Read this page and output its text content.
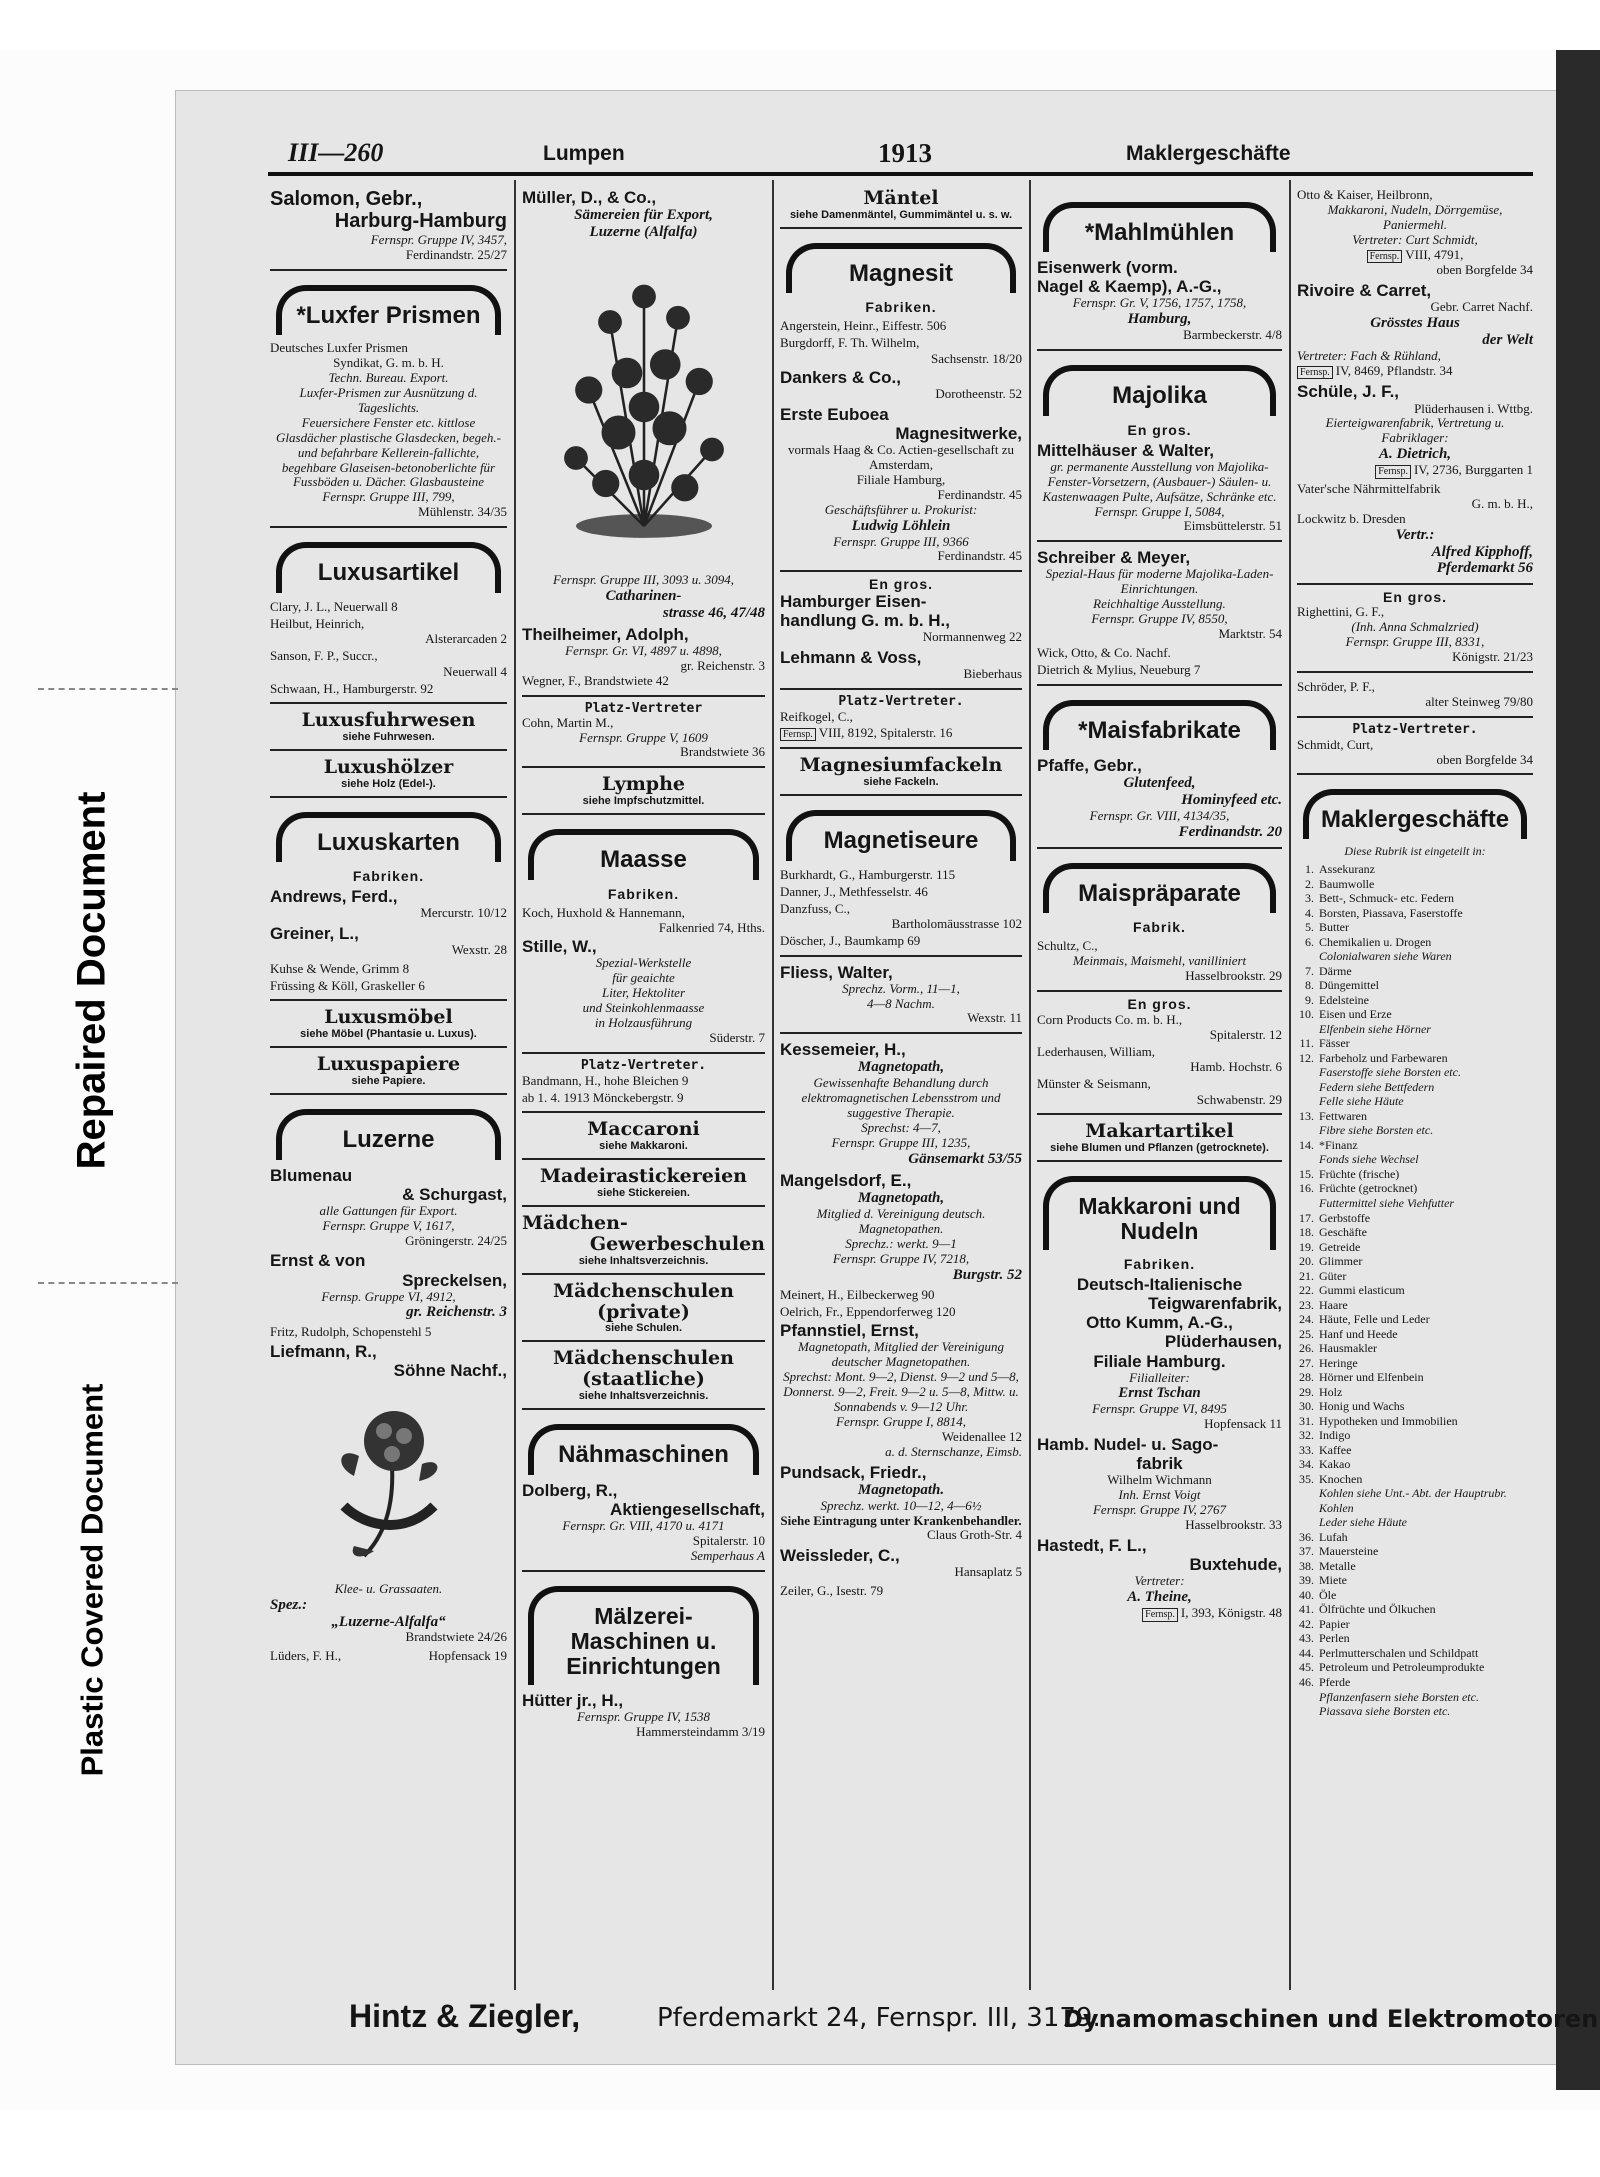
Repaired Document
Plastic Covered Document
III—260	Lumpen	1913	Maklergeschäfte
Salomon, Gebr.,
Harburg-Hamburg
Fernspr. Gruppe IV, 3457,
Ferdinandstr. 25/27
*Luxfer Prismen
Deutsches Luxfer Prismen
Syndikat, G. m. b. H.
Techn. Bureau. Export.
Luxfer-Prismen zur Ausnützung d. Tageslichts.
Feuersichere Fenster etc. kittlose Glasdächer plastische Glasdecken, begeh.- und befahrbare Kellerein-fallichte, begehbare Glaseisen-betonoberlichte für Fussböden u. Dächer. Glasbausteine
Fernspr. Gruppe III, 799,
Mühlenstr. 34/35
Luxusartikel
Clary, J. L., Neuerwall 8
Heilbut, Heinrich,
Alsterarcaden 2
Sanson, F. P., Succr.,
Neuerwall 4
Schwaan, H., Hamburgerstr. 92
Luxusfuhrwesen
siehe Fuhrwesen.
Luxushölzer
siehe Holz (Edel-).
Luxuskarten
Fabriken.
Andrews, Ferd.,
Mercurstr. 10/12
Greiner, L.,
Wexstr. 28
Kuhse & Wende, Grimm 8
Früssing & Köll, Graskeller 6
Luxusmöbel
siehe Möbel (Phantasie u. Luxus).
Luxuspapiere
siehe Papiere.
Luzerne
Blumenau
& Schurgast,
alle Gattungen für Export.
Fernspr. Gruppe V, 1617,
Gröningerstr. 24/25
Ernst & von
Spreckelsen,
Fernsp. Gruppe VI, 4912,
gr. Reichenstr. 3
Fritz, Rudolph, Schopenstehl 5
Liefmann, R.,
Söhne Nachf.,
Klee- u. Grassaaten.
Spez.:
„Luzerne-Alfalfa“
Brandstwiete 24/26
Lüders, F. H.,	Hopfensack 19
Müller, D., & Co.,
Sämereien für Export,
Luzerne (Alfalfa)
Fernspr. Gruppe III, 3093 u. 3094,
Catharinen-
strasse 46, 47/48
Theilheimer, Adolph,
Fernspr. Gr. VI, 4897 u. 4898,
gr. Reichenstr. 3
Wegner, F., Brandstwiete 42
Platz-Vertreter
Cohn, Martin M.,
Fernspr. Gruppe V, 1609
Brandstwiete 36
Lymphe
siehe Impfschutzmittel.
Maasse
Fabriken.
Koch, Huxhold & Hannemann,
Falkenried 74, Hths.
Stille, W.,
Spezial-Werkstelle
für geaichte
Liter, Hektoliter
und Steinkohlenmaasse
in Holzausführung
Süderstr. 7
Platz-Vertreter.
Bandmann, H., hohe Bleichen 9
ab 1. 4. 1913 Mönckebergstr. 9
Maccaroni
siehe Makkaroni.
Madeirastickereien
siehe Stickereien.
Mädchen-
Gewerbeschulen
siehe Inhaltsverzeichnis.
Mädchenschulen
(private)
siehe Schulen.
Mädchenschulen
(staatliche)
siehe Inhaltsverzeichnis.
Nähmaschinen
Dolberg, R.,
Aktiengesellschaft,
Fernspr. Gr. VIII, 4170 u. 4171
Spitalerstr. 10
Semperhaus A
Mälzerei-Maschinen u. Einrichtungen
Hütter jr., H.,
Fernspr. Gruppe IV, 1538
Hammersteindamm 3/19
Mäntel
siehe Damenmäntel, Gummimäntel u. s. w.
Magnesit
Fabriken.
Angerstein, Heinr., Eiffestr. 506
Burgdorff, F. Th. Wilhelm,
Sachsenstr. 18/20
Dankers & Co.,
Dorotheenstr. 52
Erste Euboea
Magnesitwerke,
vormals Haag & Co. Actien-gesellschaft zu Amsterdam,
Filiale Hamburg,
Ferdinandstr. 45
Geschäftsführer u. Prokurist:
Ludwig Löhlein
Fernspr. Gruppe III, 9366
Ferdinandstr. 45
En gros.
Hamburger Eisen-
handlung G. m. b. H.,
Normannenweg 22
Lehmann & Voss,
Bieberhaus
Platz-Vertreter.
Reifkogel, C.,
Fernsp. VIII, 8192, Spitalerstr. 16
Magnesiumfackeln
siehe Fackeln.
Magnetiseure
Burkhardt, G., Hamburgerstr. 115
Danner, J., Methfesselstr. 46
Danzfuss, C.,
Bartholomäusstrasse 102
Döscher, J., Baumkamp 69
Fliess, Walter,
Sprechz. Vorm., 11—1,
4—8 Nachm.
Wexstr. 11
Kessemeier, H.,
Magnetopath,
Gewissenhafte Behandlung durch elektromagnetischen Lebensstrom und suggestive Therapie.
Sprechst: 4—7,
Fernspr. Gruppe III, 1235,
Gänsemarkt 53/55
Mangelsdorf, E.,
Magnetopath,
Mitglied d. Vereinigung deutsch. Magnetopathen.
Sprechz.: werkt. 9—1
Fernspr. Gruppe IV, 7218,
Burgstr. 52
Meinert, H., Eilbeckerweg 90
Oelrich, Fr., Eppendorferweg 120
Pfannstiel, Ernst,
Magnetopath, Mitglied der Vereinigung deutscher Magnetopathen.
Sprechst: Mont. 9—2, Dienst. 9—2 und 5—8, Donnerst. 9—2, Freit. 9—2 u. 5—8, Mittw. u. Sonnabends v. 9—12 Uhr.
Fernspr. Gruppe I, 8814,
Weidenallee 12
a. d. Sternschanze, Eimsb.
Pundsack, Friedr.,
Magnetopath.
Sprechz. werkt. 10—12, 4—6½
Siehe Eintragung unter Krankenbehandler.
Claus Groth-Str. 4
Weissleder, C.,
Hansaplatz 5
Zeiler, G., Isestr. 79
*Mahlmühlen
Eisenwerk (vorm.
Nagel & Kaemp), A.-G.,
Fernspr. Gr. V, 1756, 1757, 1758,
Hamburg,
Barmbeckerstr. 4/8
Majolika
En gros.
Mittelhäuser & Walter,
gr. permanente Ausstellung von Majolika-Fenster-Vorsetzern, (Ausbauer-) Säulen- u. Kastenwaagen Pulte, Aufsätze, Schränke etc.
Fernspr. Gruppe I, 5084,
Eimsbüttelerstr. 51
Schreiber & Meyer,
Spezial-Haus für moderne Majolika-Laden-Einrichtungen.
Reichhaltige Ausstellung.
Fernspr. Gruppe IV, 8550,
Marktstr. 54
Wick, Otto, & Co. Nachf.
Dietrich & Mylius, Neueburg 7
*Maisfabrikate
Pfaffe, Gebr.,
Glutenfeed,
Hominyfeed etc.
Fernspr. Gr. VIII, 4134/35,
Ferdinandstr. 20
Maispräparate
Fabrik.
Schultz, C.,
Meinmais, Maismehl, vanilliniert
Hasselbrookstr. 29
En gros.
Corn Products Co. m. b. H.,
Spitalerstr. 12
Lederhausen, William,
Hamb. Hochstr. 6
Münster & Seismann,
Schwabenstr. 29
Makartartikel
siehe Blumen und Pflanzen (getrocknete).
Makkaroni und Nudeln
Fabriken.
Deutsch-Italienische
Teigwarenfabrik,
Otto Kumm, A.-G.,
Plüderhausen,
Filiale Hamburg.
Filialleiter:
Ernst Tschan
Fernspr. Gruppe VI, 8495
Hopfensack 11
Hamb. Nudel- u. Sago-
fabrik
Wilhelm Wichmann
Inh. Ernst Voigt
Fernspr. Gruppe IV, 2767
Hasselbrookstr. 33
Hastedt, F. L.,
Buxtehude,
Vertreter:
A. Theine,
Fernsp. I, 393, Königstr. 48
Otto & Kaiser, Heilbronn,
Makkaroni, Nudeln, Dörrgemüse, Paniermehl.
Vertreter: Curt Schmidt,
Fernsp. VIII, 4791,
oben Borgfelde 34
Rivoire & Carret,
Gebr. Carret Nachf.
Grösstes Haus
der Welt
Vertreter: Fach & Rühland,
Fernsp. IV, 8469, Pflandstr. 34
Schüle, J. F.,
Plüderhausen i. Wttbg.
Eierteigwarenfabrik, Vertretung u. Fabriklager:
A. Dietrich,
Fernsp. IV, 2736, Burggarten 1
Vater'sche Nährmittelfabrik
G. m. b. H.,
Lockwitz b. Dresden
Vertr.:
Alfred Kipphoff,
Pferdemarkt 56
En gros.
Righettini, G. F.,
(Inh. Anna Schmalzried)
Fernspr. Gruppe III, 8331,
Königstr. 21/23
Schröder, P. F.,
alter Steinweg 79/80
Platz-Vertreter.
Schmidt, Curt,
oben Borgfelde 34
Maklergeschäfte
Diese Rubrik ist eingeteilt in:
1. Assekuranz
2. Baumwolle
3. Bett-, Schmuck- etc. Federn
4. Borsten, Piassava, Faserstoffe
5. Butter
6. Chemikalien u. Drogen
Colonialwaren siehe Waren
7. Därme
8. Düngemittel
9. Edelsteine
10. Eisen und Erze
Elfenbein siehe Hörner
11. Fässer
12. Farbeholz und Farbewaren
Faserstoffe siehe Borsten etc.
Federn siehe Bettfedern
Felle siehe Häute
13. Fettwaren
Fibre siehe Borsten etc.
14. *Finanz
Fonds siehe Wechsel
15. Früchte (frische)
16. Früchte (getrocknet)
Futtermittel siehe Viehfutter
17. Gerbstoffe
18. Geschäfte
19. Getreide
20. Glimmer
21. Güter
22. Gummi elasticum
23. Haare
24. Häute, Felle und Leder
25. Hanf und Heede
26. Hausmakler
27. Heringe
28. Hörner und Elfenbein
29. Holz
30. Honig und Wachs
31. Hypotheken und Immobilien
32. Indigo
33. Kaffee
34. Kakao
35. Knochen
Kohlen siehe Unt.- Abt. der Hauptrubr. Kohlen
Leder siehe Häute
36. Lufah
37. Mauersteine
38. Metalle
39. Miete
40. Öle
41. Ölfrüchte und Ölkuchen
42. Papier
43. Perlen
44. Perlmutterschalen und Schildpatt
45. Petroleum und Petroleumprodukte
46. Pferde
Pflanzenfasern siehe Borsten etc.
Piassava siehe Borsten etc.
Hintz & Ziegler,	Pferdemarkt 24, Fernspr. III, 3179.
Dynamomaschinen und Elektromotoren
